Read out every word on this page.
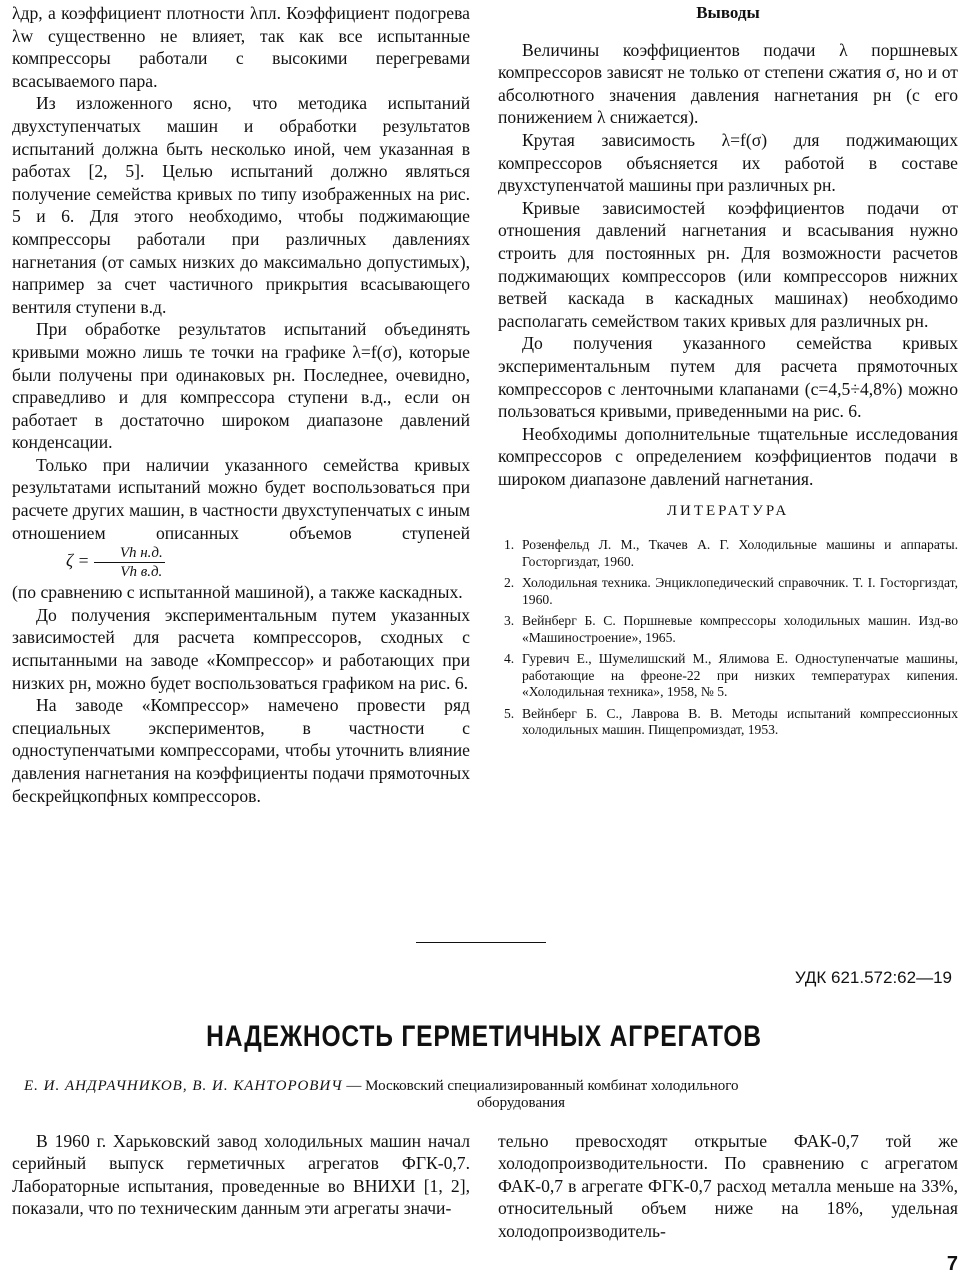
λдр, а коэффициент плотности λпл. Коэффициент подогрева λw существенно не влияет, так как все испытанные компрессоры работали с высокими перегревами всасываемого пара.

Из изложенного ясно, что методика испытаний двухступенчатых машин и обработки результатов испытаний должна быть несколько иной, чем указанная в работах [2, 5]. Целью испытаний должно являться получение семейства кривых по типу изображенных на рис. 5 и 6. Для этого необходимо, чтобы поджимающие компрессоры работали при различных давлениях нагнетания (от самых низких до максимально допустимых), например за счет частичного прикрытия всасывающего вентиля ступени в.д.

При обработке результатов испытаний объединять кривыми можно лишь те точки на графике λ=f(σ), которые были получены при одинаковых pн. Последнее, очевидно, справедливо и для компрессора ступени в.д., если он работает в достаточно широком диапазоне давлений конденсации.

Только при наличии указанного семейства кривых результатами испытаний можно будет воспользоваться при расчете других машин, в частности двухступенчатых с иным отношением описанных объемов ступеней $\zeta = \frac{\text{Vh н.д.}}{\text{Vh в.д.}}$

(по сравнению с испытанной машиной), а также каскадных.

До получения экспериментальным путем указанных зависимостей для расчета компрессоров, сходных с испытанными на заводе «Компрессор» и работающих при низких pн, можно будет воспользоваться графиком на рис. 6.

На заводе «Компрессор» намечено провести ряд специальных экспериментов, в частности с одноступенчатыми компрессорами, чтобы уточнить влияние давления нагнетания на коэффициенты подачи прямоточных бескрейцкопфных компрессоров.

Выводы

Величины коэффициентов подачи λ поршневых компрессоров зависят не только от степени сжатия σ, но и от абсолютного значения давления нагнетания pн (с его понижением λ снижается).

Крутая зависимость λ=f(σ) для поджимающих компрессоров объясняется их работой в составе двухступенчатой машины при различных pн.

Кривые зависимостей коэффициентов подачи от отношения давлений нагнетания и всасывания нужно строить для постоянных pн. Для возможности расчетов поджимающих компрессоров (или компрессоров нижних ветвей каскада в каскадных машинах) необходимо располагать семейством таких кривых для различных pн.

До получения указанного семейства кривых экспериментальным путем для расчета прямоточных компрессоров с ленточными клапанами (c=4,5÷4,8%) можно пользоваться кривыми, приведенными на рис. 6.

Необходимы дополнительные тщательные исследования компрессоров с определением коэффициентов подачи в широком диапазоне давлений нагнетания.

ЛИТЕРАТУРА
1. Розенфельд Л. М., Ткачев А. Г. Холодильные машины и аппараты. Госторгиздат, 1960.
2. Холодильная техника. Энциклопедический справочник. Т. I. Госторгиздат, 1960.
3. Вейнберг Б. С. Поршневые компрессоры холодильных машин. Изд-во «Машиностроение», 1965.
4. Гуревич Е., Шумелишский М., Ялимова Е. Одноступенчатые машины, работающие на фреоне-22 при низких температурах кипения. «Холодильная техника», 1958, № 5.
5. Вейнберг Б. С., Лаврова В. В. Методы испытаний компрессионных холодильных машин. Пищепромиздат, 1953.
УДК 621.572:62—19
НАДЕЖНОСТЬ ГЕРМЕТИЧНЫХ АГРЕГАТОВ
Е. И. АНДРАЧНИКОВ, В. И. КАНТОРОВИЧ — Московский специализированный комбинат холодильного
оборудования

В 1960 г. Харьковский завод холодильных машин начал серийный выпуск герметичных агрегатов ФГК-0,7. Лабораторные испытания, проведенные во ВНИХИ [1, 2], показали, что по техническим данным эти агрегаты значи-

тельно превосходят открытые ФАК-0,7 той же холодопроизводительности. По сравнению с агрегатом ФАК-0,7 в агрегате ФГК-0,7 расход металла меньше на 33%, относительный объем ниже на 18%, удельная холодопроизводитель-

7
